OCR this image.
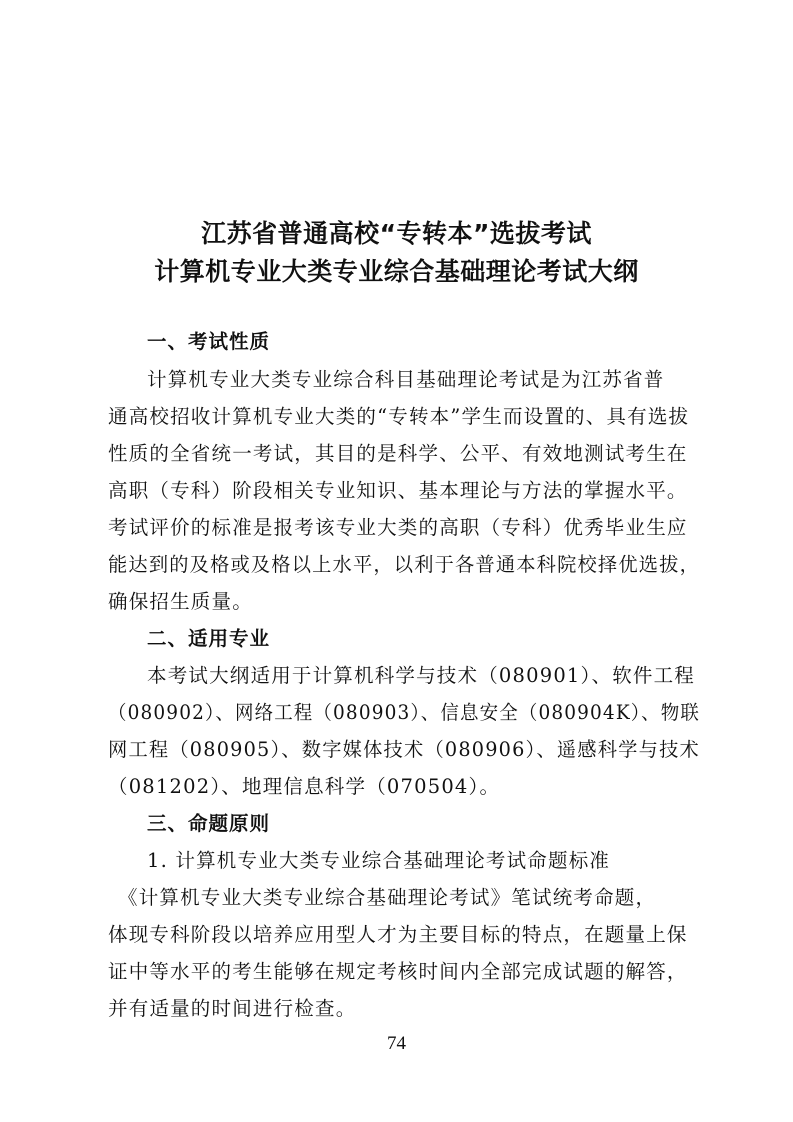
江苏省普通高校“专转本”选拔考试
计算机专业大类专业综合基础理论考试大纲
一、考试性质
计算机专业大类专业综合科目基础理论考试是为江苏省普
通高校招收计算机专业大类的“专转本”学生而设置的、具有选拔
性质的全省统一考试，其目的是科学、公平、有效地测试考生在
高职（专科）阶段相关专业知识、基本理论与方法的掌握水平。
考试评价的标准是报考该专业大类的高职（专科）优秀毕业生应
能达到的及格或及格以上水平，以利于各普通本科院校择优选拔，
确保招生质量。
二、适用专业
本考试大纲适用于计算机科学与技术（080901）、软件工程
（080902）、网络工程（080903）、信息安全（080904K）、物联
网工程（080905）、数字媒体技术（080906）、遥感科学与技术
（081202）、地理信息科学（070504）。
三、命题原则
1. 计算机专业大类专业综合基础理论考试命题标准
《计算机专业大类专业综合基础理论考试》笔试统考命题，
体现专科阶段以培养应用型人才为主要目标的特点，在题量上保
证中等水平的考生能够在规定考核时间内全部完成试题的解答，
并有适量的时间进行检查。
74
